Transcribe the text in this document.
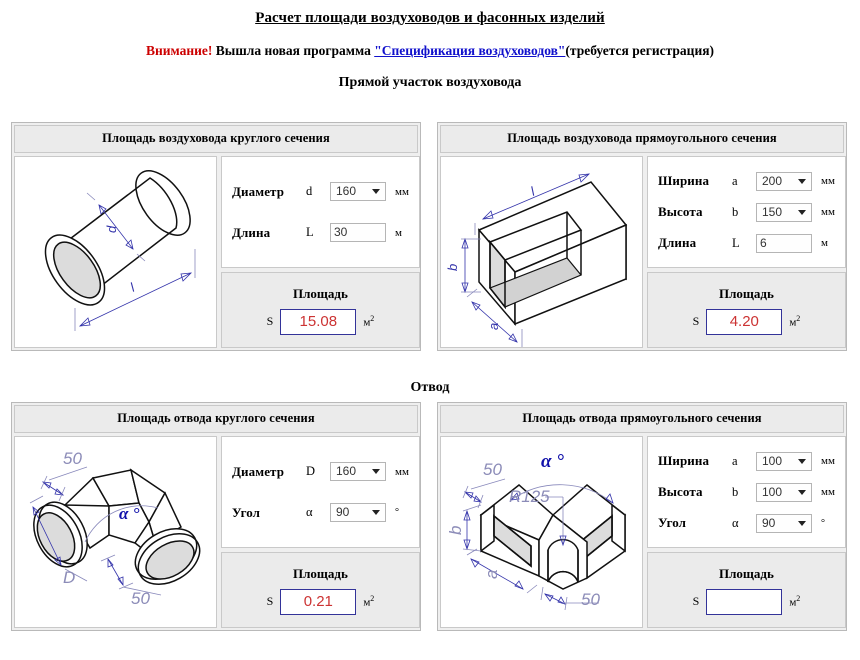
Расчет площади воздуховодов и фасонных изделий
Внимание! Вышла новая программа "Спецификация воздуховодов"(требуется регистрация)
Прямой участок воздуховода
Площадь воздуховода круглого сечения
d
l
Диаметр	d	160	мм
Длина	L	30	м
Площадь
S	15.08	$м^2$
Площадь воздуховода прямоугольного сечения
l
b
a
Ширина	a	200	мм
Высота	b	150	мм
Длина	L	6	м
Площадь
S	4.20	$м^2$
Отвод
Площадь отвода круглого сечения
α °
50
D
50
Диаметр	D	160	мм
Угол	α	90	°
Площадь
S	0.21	$м^2$
Площадь отвода прямоугольного сечения
α °
R125
50
b
a
50
Ширина	a	100	мм
Высота	b	100	мм
Угол	α	90	°
Площадь
S	$м^2$
